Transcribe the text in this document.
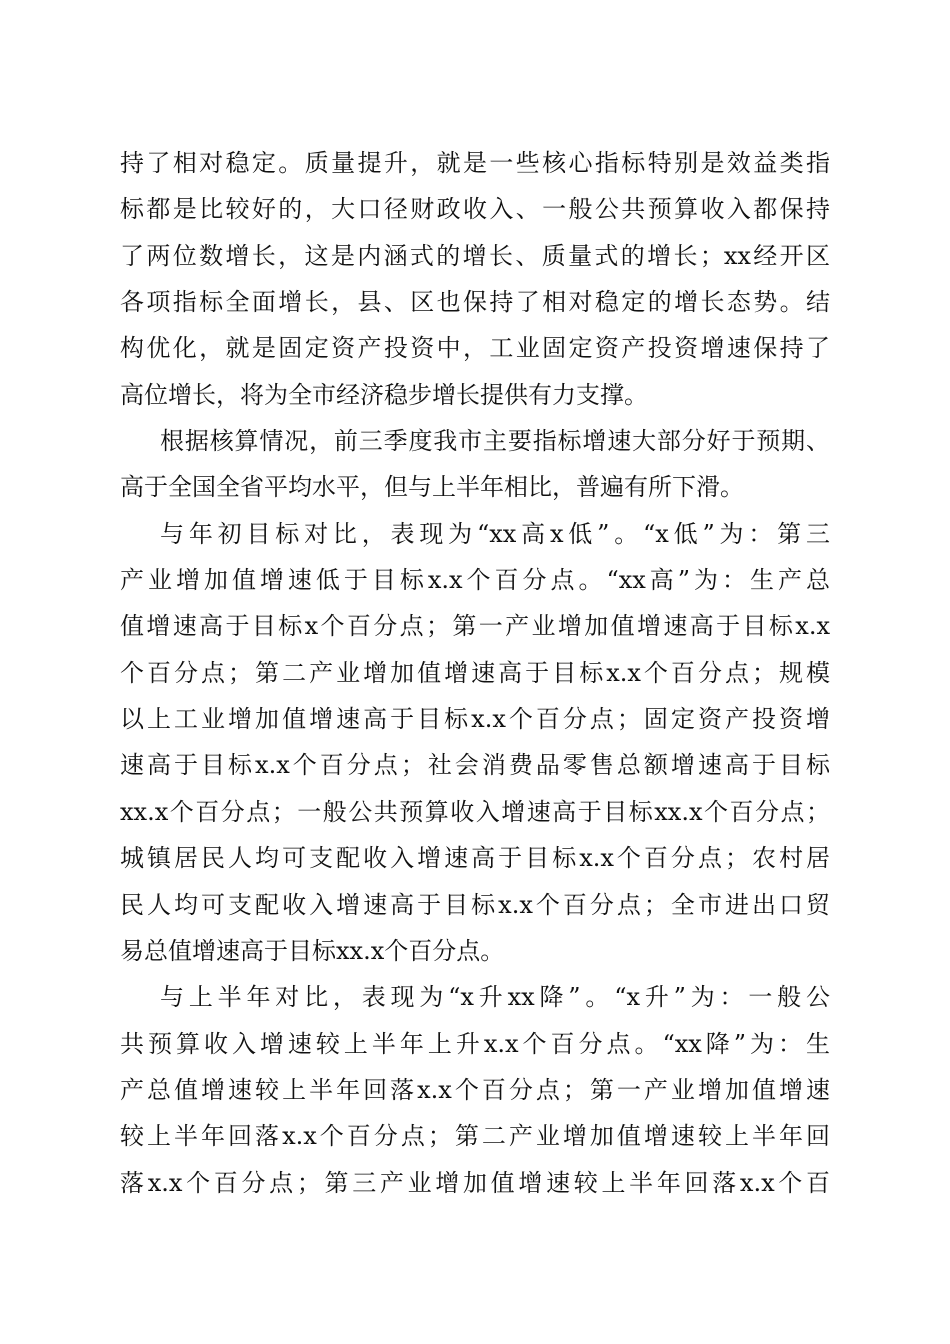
持了相对稳定。质量提升，就是一些核心指标特别是效益类指
标都是比较好的，大口径财政收入、一般公共预算收入都保持
了两位数增长，这是内涵式的增长、质量式的增长；xx经开区
各项指标全面增长，县、区也保持了相对稳定的增长态势。结
构优化，就是固定资产投资中，工业固定资产投资增速保持了
高位增长，将为全市经济稳步增长提供有力支撑。
根据核算情况，前三季度我市主要指标增速大部分好于预期、
高于全国全省平均水平，但与上半年相比，普遍有所下滑。
与年初目标对比，表现为“xx高x低”。“x低”为：第三
产业增加值增速低于目标x.x个百分点。“xx高”为：生产总
值增速高于目标x个百分点；第一产业增加值增速高于目标x.x
个百分点；第二产业增加值增速高于目标x.x个百分点；规模
以上工业增加值增速高于目标x.x个百分点；固定资产投资增
速高于目标x.x个百分点；社会消费品零售总额增速高于目标
xx.x个百分点；一般公共预算收入增速高于目标xx.x个百分点；
城镇居民人均可支配收入增速高于目标x.x个百分点；农村居
民人均可支配收入增速高于目标x.x个百分点；全市进出口贸
易总值增速高于目标xx.x个百分点。
与上半年对比，表现为“x升xx降”。“x升”为：一般公
共预算收入增速较上半年上升x.x个百分点。“xx降”为：生
产总值增速较上半年回落x.x个百分点；第一产业增加值增速
较上半年回落x.x个百分点；第二产业增加值增速较上半年回
落x.x个百分点；第三产业增加值增速较上半年回落x.x个百
